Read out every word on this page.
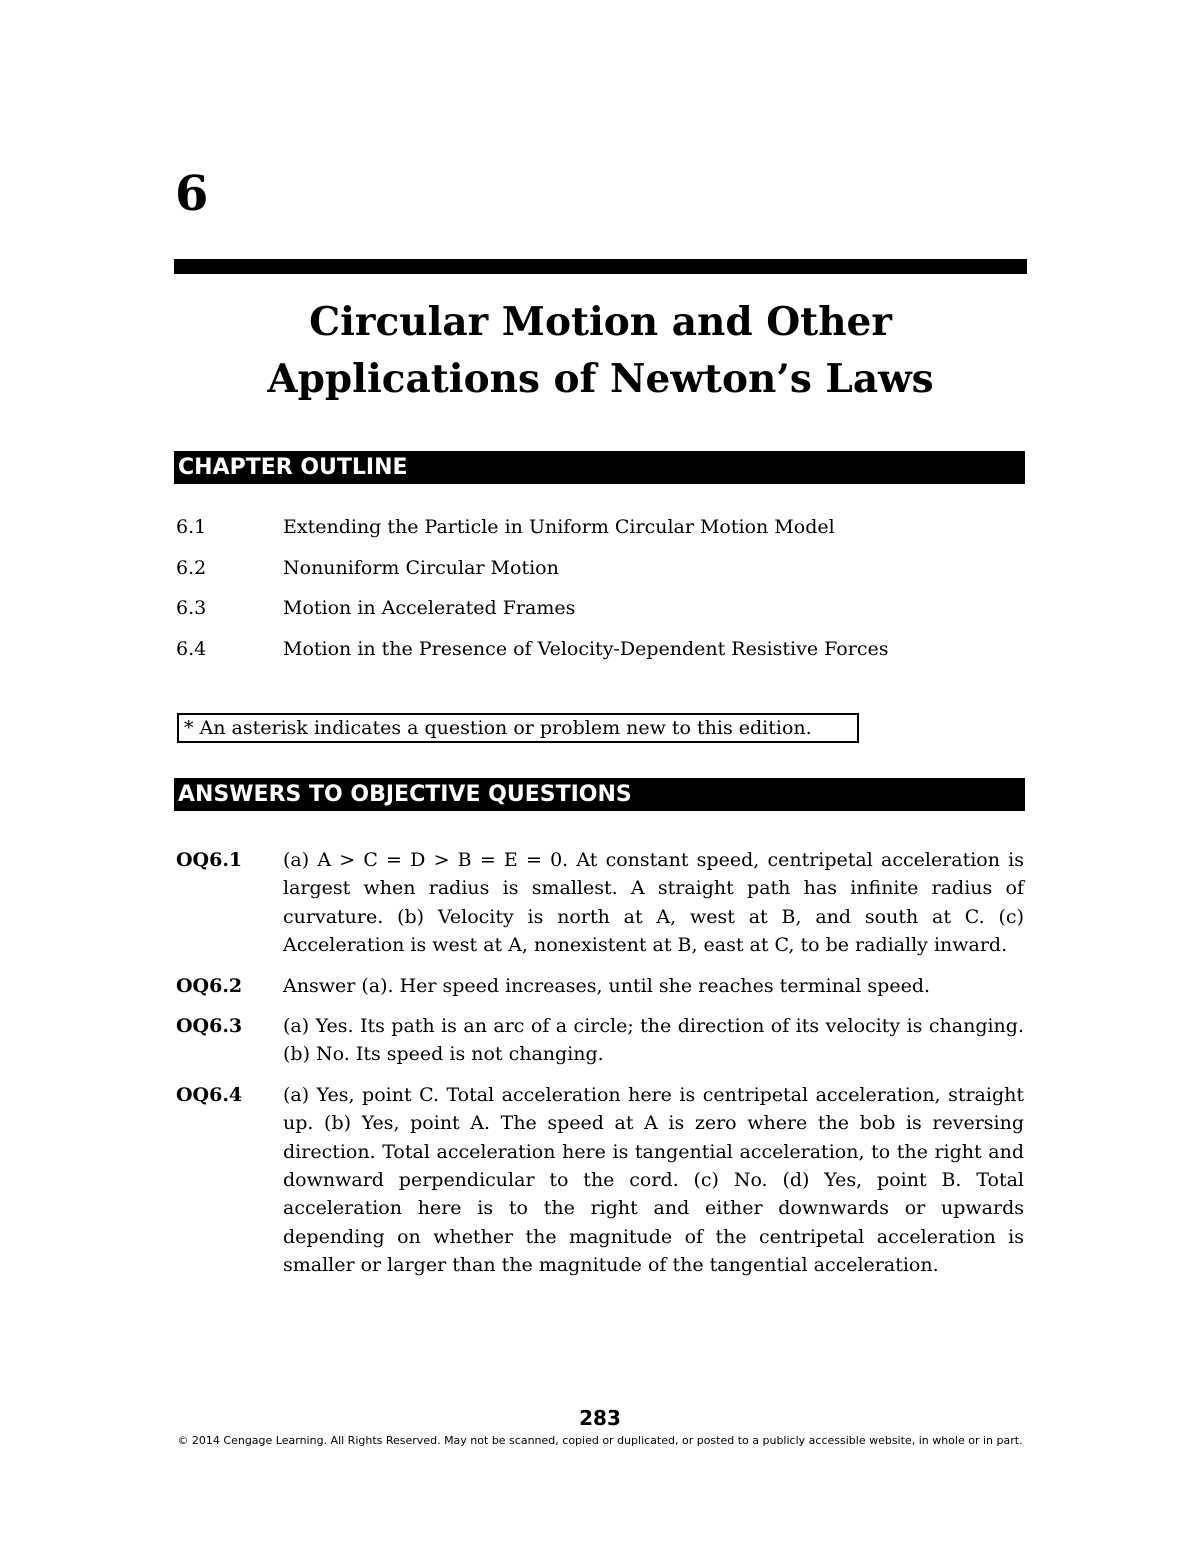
6
Circular Motion and Other
Applications of Newton’s Laws
CHAPTER OUTLINE
6.1	Extending the Particle in Uniform Circular Motion Model
6.2	Nonuniform Circular Motion
6.3	Motion in Accelerated Frames
6.4	Motion in the Presence of Velocity-Dependent Resistive Forces
* An asterisk indicates a question or problem new to this edition.
ANSWERS TO OBJECTIVE QUESTIONS
OQ6.1 (a) A > C = D > B = E = 0. At constant speed, centripetal acceleration is largest when radius is smallest. A straight path has infinite radius of curvature. (b) Velocity is north at A, west at B, and south at C. (c) Acceleration is west at A, nonexistent at B, east at C, to be radially inward.
OQ6.2 Answer (a). Her speed increases, until she reaches terminal speed.
OQ6.3 (a) Yes. Its path is an arc of a circle; the direction of its velocity is changing. (b) No. Its speed is not changing.
OQ6.4 (a) Yes, point C. Total acceleration here is centripetal acceleration, straight up. (b) Yes, point A. The speed at A is zero where the bob is reversing direction. Total acceleration here is tangential acceleration, to the right and downward perpendicular to the cord. (c) No. (d) Yes, point B. Total acceleration here is to the right and either downwards or upwards depending on whether the magnitude of the centripetal acceleration is smaller or larger than the magnitude of the tangential acceleration.
283
© 2014 Cengage Learning. All Rights Reserved. May not be scanned, copied or duplicated, or posted to a publicly accessible website, in whole or in part.
